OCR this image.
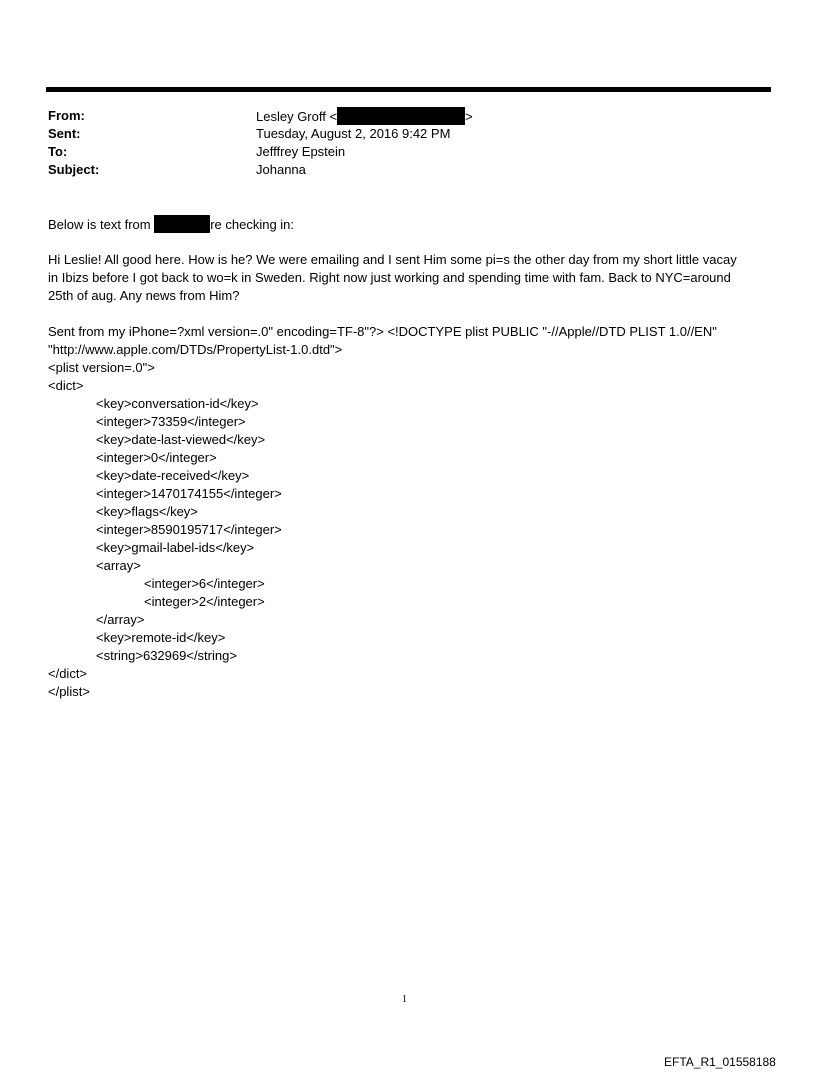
From:	Lesley Groff <	>
Sent:	Tuesday, August 2, 2016 9:42 PM
To:	Jefffrey Epstein
Subject:	Johanna
Below is text from	re checking in:
Hi Leslie! All good here. How is he? We were emailing and I sent Him some pi=s the other day from my short little vacay
in Ibizs before I got back to wo=k in Sweden. Right now just working and spending time with fam. Back to NYC=around
25th of aug. Any news from Him?
Sent from my iPhone=?xml version=.0" encoding=TF-8"?> <!DOCTYPE plist PUBLIC "-//Apple//DTD PLIST 1.0//EN"
"http://www.apple.com/DTDs/PropertyList-1.0.dtd">
<plist version=.0">
<dict>
<key>conversation-id</key>
<integer>73359</integer>
<key>date-last-viewed</key>
<integer>0</integer>
<key>date-received</key>
<integer>1470174155</integer>
<key>flags</key>
<integer>8590195717</integer>
<key>gmail-label-ids</key>
<array>
<integer>6</integer>
<integer>2</integer>
</array>
<key>remote-id</key>
<string>632969</string>
</dict>
</plist>
1
EFTA_R1_01558188
